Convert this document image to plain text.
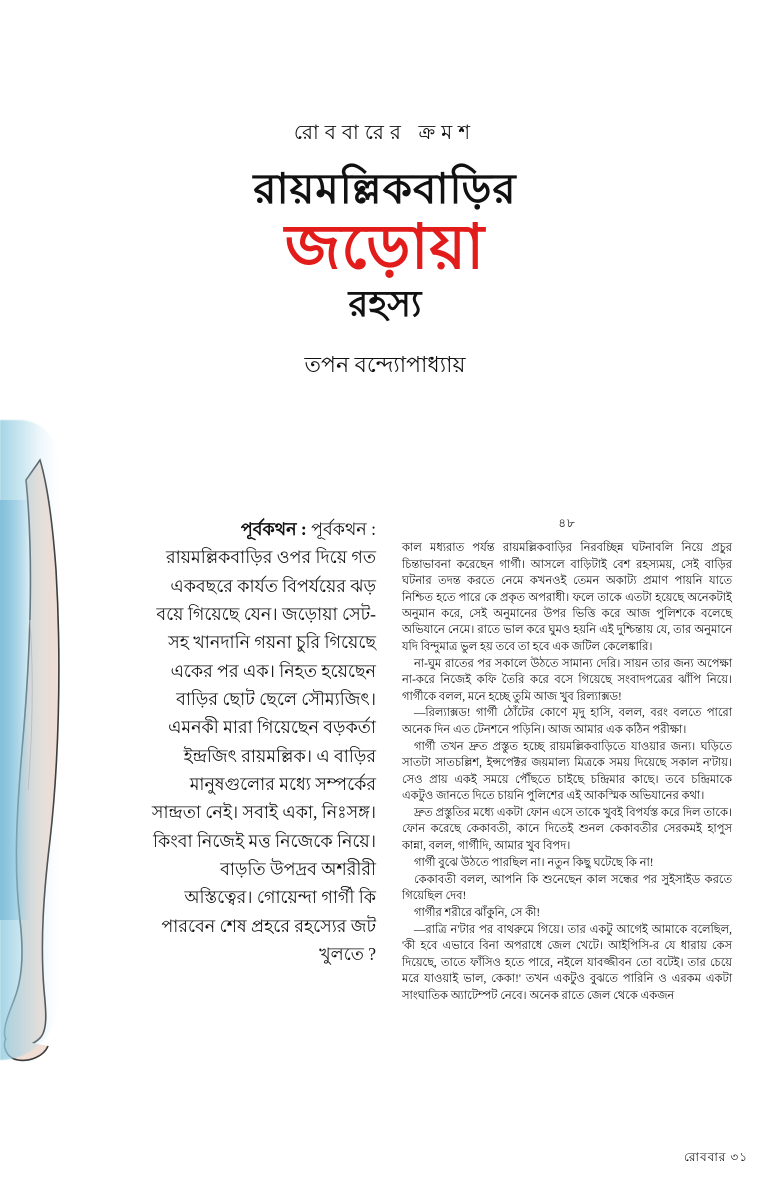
রোববারের ক্রমশ
রায়মল্লিকবাড়ির
জড়োয়া
রহস্য
তপন বন্দ্যোপাধ্যায়
পূর্বকথন : পূর্বকথন : রায়মল্লিকবাড়ির ওপর দিয়ে গত একবছরে কার্যত বিপর্যয়ের ঝড় বয়ে গিয়েছে যেন। জড়োয়া সেট-সহ খানদানি গয়না চুরি গিয়েছে একের পর এক। নিহত হয়েছেন বাড়ির ছোট ছেলে সৌম্যজিৎ। এমনকী মারা গিয়েছেন বড়কর্তা ইন্দ্রজিৎ রায়মল্লিক। এ বাড়ির মানুষগুলোর মধ্যে সম্পর্কের সান্দ্রতা নেই। সবাই একা, নিঃসঙ্গ। কিংবা নিজেই মত্ত নিজেকে নিয়ে। বাড়তি উপদ্রব অশরীরী অস্তিত্বের। গোয়েন্দা গার্গী কি পারবেন শেষ প্রহরে রহস্যের জট খুলতে ?
৪৮

কাল মধ্যরাত পর্যন্ত রায়মল্লিকবাড়ির নিরবচ্ছিন্ন ঘটনাবলি নিয়ে প্রচুর চিন্তাভাবনা করেছেন গার্গী। আসলে বাড়িটাই বেশ রহস্যময়, সেই বাড়ির ঘটনার তদন্ত করতে নেমে কখনওই তেমন অকাট্য প্রমাণ পায়নি যাতে নিশ্চিত হতে পারে কে প্রকৃত অপরাধী। ফলে তাকে এতটা হয়েছে অনেকটাই অনুমান করে, সেই অনুমানের উপর ভিত্তি করে আজ পুলিশকে বলেছে অভিযানে নেমে। রাতে ভাল করে ঘুমও হয়নি এই দুশ্চিন্তায় যে, তার অনুমানে যদি বিন্দুমাত্র ভুল হয় তবে তা হবে এক জটিল কেলেঙ্কারি।

না-ঘুম রাতের পর সকালে উঠতে সামান্য দেরি। সায়ন তার জন্য অপেক্ষা না-করে নিজেই কফি তৈরি করে বসে গিয়েছে সংবাদপত্রের ঝাঁপি নিয়ে। গার্গীকে বলল, মনে হচ্ছে তুমি আজ খুব রিল্যাক্সড!

—রিল্যাক্সড! গার্গী ঠোঁটের কোণে মৃদু হাসি, বলল, বরং বলতে পারো অনেক দিন এত টেনশনে পড়িনি। আজ আমার এক কঠিন পরীক্ষা।

গার্গী তখন দ্রুত প্রস্তুত হচ্ছে রায়মল্লিকবাড়িতে যাওয়ার জন্য। ঘড়িতে সাতটা সাতচল্লিশ, ইন্সপেক্টর জয়মাল্য মিত্রকে সময় দিয়েছে সকাল ন'টায়। সেও প্রায় একই সময়ে পৌঁছতে চাইছে চন্দ্রিমার কাছে। তবে চন্দ্রিমাকে একটুও জানতে দিতে চায়নি পুলিশের এই আকস্মিক অভিযানের কথা।

দ্রুত প্রস্তুতির মধ্যে একটা ফোন এসে তাকে খুবই বিপর্যস্ত করে দিল তাকে। ফোন করেছে কেকাবতী, কানে দিতেই শুনল কেকাবতীর সেরকমই হাপুস কান্না, বলল, গার্গীদি, আমার খুব বিপদ।

গার্গী বুঝে উঠতে পারছিল না। নতুন কিছু ঘটেছে কি না!

কেকাবতী বলল, আপনি কি শুনেছেন কাল সন্ধের পর সুইসাইড করতে গিয়েছিল দেব!

গার্গীর শরীরে ঝাঁকুনি, সে কী!

—রাত্রি ন'টার পর বাথরুমে গিয়ে। তার একটু আগেই আমাকে বলেছিল, 'কী হবে এভাবে বিনা অপরাধে জেল খেটে। আইপিসি-র যে ধারায় কেস দিয়েছে, তাতে ফাঁসিও হতে পারে, নইলে যাবজ্জীবন তো বটেই। তার চেয়ে মরে যাওয়াই ভাল, কেকা!' তখন একটুও বুঝতে পারিনি ও এরকম একটা সাংঘাতিক অ্যাটেম্পট নেবে। অনেক রাতে জেল থেকে একজন

রোববার ৩১
